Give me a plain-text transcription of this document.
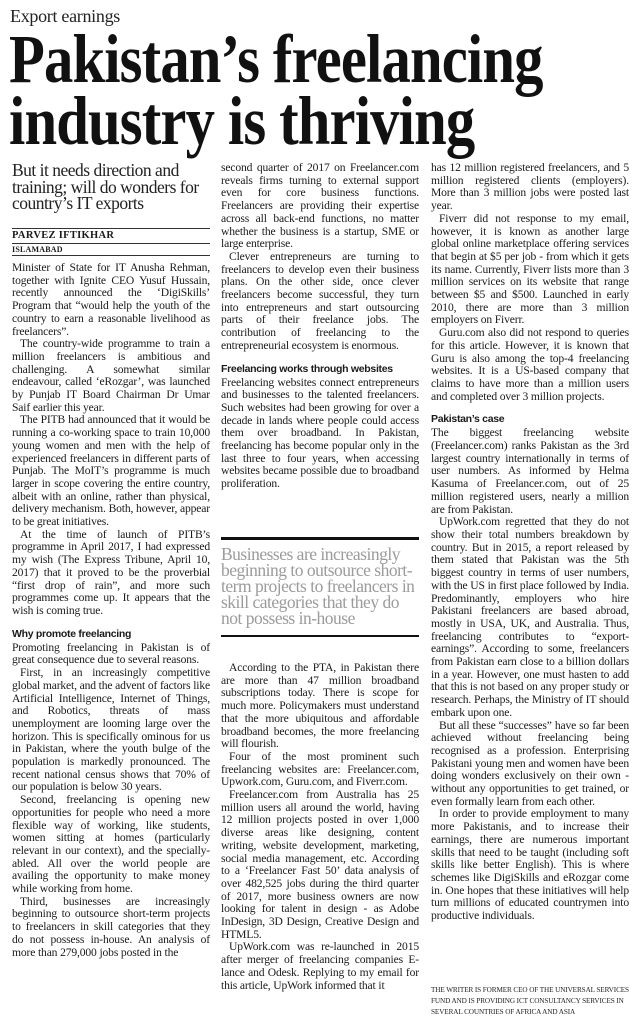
Export earnings
Pakistan’s freelancing
industry is thriving
But it needs direction and training; will do wonders for country’s IT exports
PARVEZ IFTIKHAR
ISLAMABAD

Minister of State for IT Anusha Rehman, together with Ignite CEO Yusuf Hussain, recently announced the ‘DigiSkills’ Program that “would help the youth of the country to earn a reasonable livelihood as freelancers”.

The country-wide programme to train a million freelancers is ambitious and challenging. A somewhat similar endeavour, called ‘eRozgar’, was launched by Punjab IT Board Chairman Dr Umar Saif earlier this year.

The PITB had announced that it would be running a co-working space to train 10,000 young women and men with the help of experienced freelancers in different parts of Punjab. The MoIT’s programme is much larger in scope covering the entire country, albeit with an online, rather than physical, delivery mechanism. Both, however, appear to be great initiatives.

At the time of launch of PITB’s programme in April 2017, I had expressed my wish (The Express Tribune, April 10, 2017) that it proved to be the proverbial “first drop of rain”, and more such programmes come up. It appears that the wish is coming true.

Why promote freelancing

Promoting freelancing in Pakistan is of great consequence due to several reasons.

First, in an increasingly competitive global market, and the advent of factors like Artificial Intelligence, Internet of Things, and Robotics, threats of mass unemployment are looming large over the horizon. This is specifically ominous for us in Pakistan, where the youth bulge of the population is markedly pronounced. The recent national census shows that 70% of our population is below 30 years.

Second, freelancing is opening new opportunities for people who need a more flexible way of working, like students, women sitting at homes (particularly relevant in our context), and the specially-abled. All over the world people are availing the opportunity to make money while working from home.

Third, businesses are increasingly beginning to outsource short-term projects to freelancers in skill categories that they do not possess in-house. An analysis of more than 279,000 jobs posted in the

second quarter of 2017 on Freelancer.com reveals firms turning to external support even for core business functions. Freelancers are providing their expertise across all back-end functions, no matter whether the business is a startup, SME or large enterprise.

Clever entrepreneurs are turning to freelancers to develop even their business plans. On the other side, once clever freelancers become successful, they turn into entrepreneurs and start outsourcing parts of their freelance jobs. The contribution of freelancing to the entrepreneurial ecosystem is enormous.

Freelancing works through websites

Freelancing websites connect entrepreneurs and businesses to the talented freelancers. Such websites had been growing for over a decade in lands where people could access them over broadband. In Pakistan, freelancing has become popular only in the last three to four years, when accessing websites became possible due to broadband proliferation.

Businesses are increasingly beginning to outsource short-term projects to freelancers in skill categories that they do not possess in-house

According to the PTA, in Pakistan there are more than 47 million broadband subscriptions today. There is scope for much more. Policymakers must understand that the more ubiquitous and affordable broadband becomes, the more freelancing will flourish.

Four of the most prominent such freelancing websites are: Freelancer.com, Upwork.com, Guru.com, and Fiverr.com.

Freelancer.com from Australia has 25 million users all around the world, having 12 million projects posted in over 1,000 diverse areas like designing, content writing, website development, marketing, social media management, etc. According to a ‘Freelancer Fast 50’ data analysis of over 482,525 jobs during the third quarter of 2017, more business owners are now looking for talent in design - as Adobe InDesign, 3D Design, Creative Design and HTML5.

UpWork.com was re-launched in 2015 after merger of freelancing companies E-lance and Odesk. Replying to my email for this article, UpWork informed that it

has 12 million registered freelancers, and 5 million registered clients (employers). More than 3 million jobs were posted last year.

Fiverr did not response to my email, however, it is known as another large global online marketplace offering services that begin at $5 per job - from which it gets its name. Currently, Fiverr lists more than 3 million services on its website that range between $5 and $500. Launched in early 2010, there are more than 3 million employers on Fiverr.

Guru.com also did not respond to queries for this article. However, it is known that Guru is also among the top-4 freelancing websites. It is a US-based company that claims to have more than a million users and completed over 3 million projects.

Pakistan’s case

The biggest freelancing website (Freelancer.com) ranks Pakistan as the 3rd largest country internationally in terms of user numbers. As informed by Helma Kasuma of Freelancer.com, out of 25 million registered users, nearly a million are from Pakistan.

UpWork.com regretted that they do not show their total numbers breakdown by country. But in 2015, a report released by them stated that Pakistan was the 5th biggest country in terms of user numbers, with the US in first place followed by India. Predominantly, employers who hire Pakistani freelancers are based abroad, mostly in USA, UK, and Australia. Thus, freelancing contributes to “export-earnings”. According to some, freelancers from Pakistan earn close to a billion dollars in a year. However, one must hasten to add that this is not based on any proper study or research. Perhaps, the Ministry of IT should embark upon one.

But all these “successes” have so far been achieved without freelancing being recognised as a profession. Enterprising Pakistani young men and women have been doing wonders exclusively on their own - without any opportunities to get trained, or even formally learn from each other.

In order to provide employment to many more Pakistanis, and to increase their earnings, there are numerous important skills that need to be taught (including soft skills like better English). This is where schemes like DigiSkills and eRozgar come in. One hopes that these initiatives will help turn millions of educated countrymen into productive individuals.

THE WRITER IS FORMER CEO OF THE UNIVERSAL SERVICES FUND AND IS PROVIDING ICT CONSULTANCY SERVICES IN SEVERAL COUNTRIES OF AFRICA AND ASIA
